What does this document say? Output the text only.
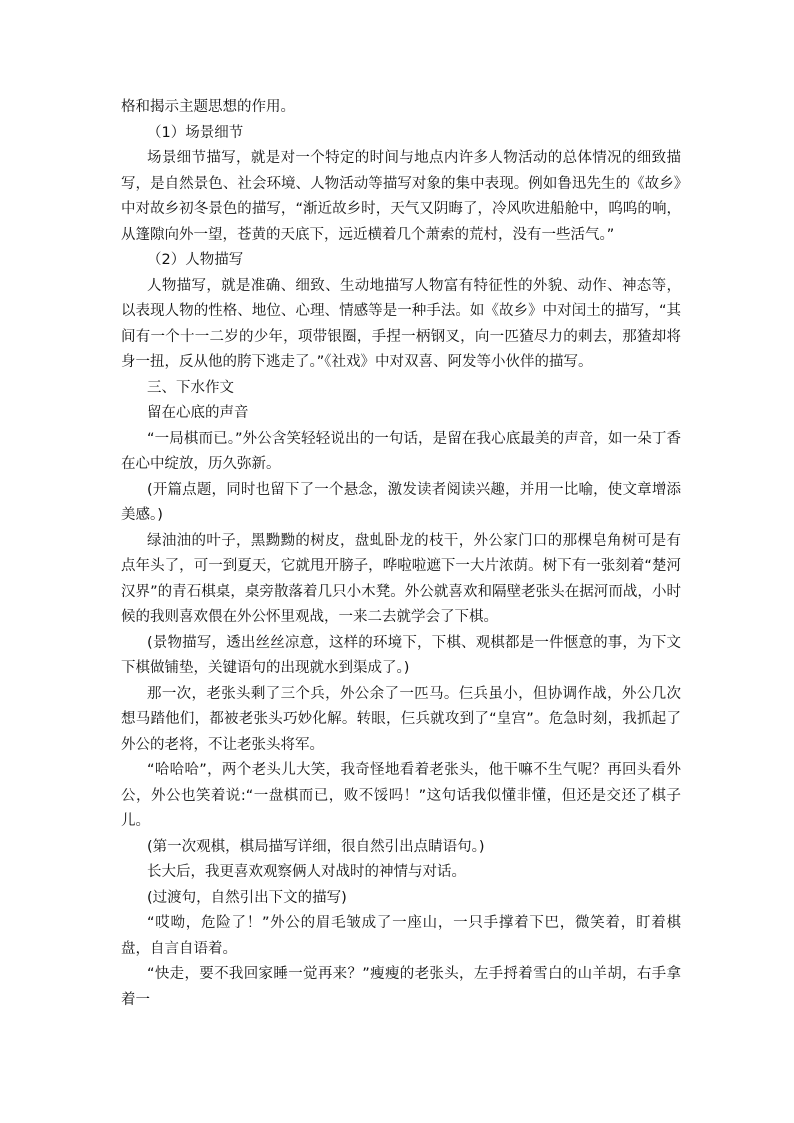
格和揭示主题思想的作用。

（1）场景细节

场景细节描写，就是对一个特定的时间与地点内许多人物活动的总体情况的细致描写，是自然景色、社会环境、人物活动等描写对象的集中表现。例如鲁迅先生的《故乡》中对故乡初冬景色的描写，“渐近故乡时，天气又阴晦了，冷风吹进船舱中，呜呜的响，从篷隙向外一望，苍黄的天底下，远近横着几个萧索的荒村，没有一些活气。”

（2）人物描写

人物描写，就是准确、细致、生动地描写人物富有特征性的外貌、动作、神态等，以表现人物的性格、地位、心理、情感等是一种手法。如《故乡》中对闰土的描写，“其间有一个十一二岁的少年，项带银圈，手捏一柄钢叉，向一匹猹尽力的刺去，那猹却将身一扭，反从他的胯下逃走了。”《社戏》中对双喜、阿发等小伙伴的描写。

三、下水作文

留在心底的声音

“一局棋而已。”外公含笑轻轻说出的一句话，是留在我心底最美的声音，如一朵丁香在心中绽放，历久弥新。

(开篇点题，同时也留下了一个悬念，激发读者阅读兴趣，并用一比喻，使文章增添美感。)

绿油油的叶子，黑黝黝的树皮，盘虬卧龙的枝干，外公家门口的那棵皂角树可是有点年头了，可一到夏天，它就甩开膀子，哗啦啦遮下一大片浓荫。树下有一张刻着“楚河汉界”的青石棋桌，桌旁散落着几只小木凳。外公就喜欢和隔壁老张头在据河而战，小时候的我则喜欢偎在外公怀里观战，一来二去就学会了下棋。

(景物描写，透出丝丝凉意，这样的环境下，下棋、观棋都是一件惬意的事，为下文下棋做铺垫，关键语句的出现就水到渠成了。)

那一次，老张头剩了三个兵，外公余了一匹马。仨兵虽小，但协调作战，外公几次想马踏他们，都被老张头巧妙化解。转眼，仨兵就攻到了“皇宫”。危急时刻，我抓起了外公的老将，不让老张头将军。

“哈哈哈”，两个老头儿大笑，我奇怪地看着老张头，他干嘛不生气呢？再回头看外公，外公也笑着说:“一盘棋而已，败不馁吗！”这句话我似懂非懂，但还是交还了棋子儿。

(第一次观棋，棋局描写详细，很自然引出点睛语句。)

长大后，我更喜欢观察俩人对战时的神情与对话。

(过渡句，自然引出下文的描写)

“哎呦，危险了！”外公的眉毛皱成了一座山，一只手撑着下巴，微笑着，盯着棋盘，自言自语着。

“快走，要不我回家睡一觉再来？”瘦瘦的老张头，左手捋着雪白的山羊胡，右手拿着一
